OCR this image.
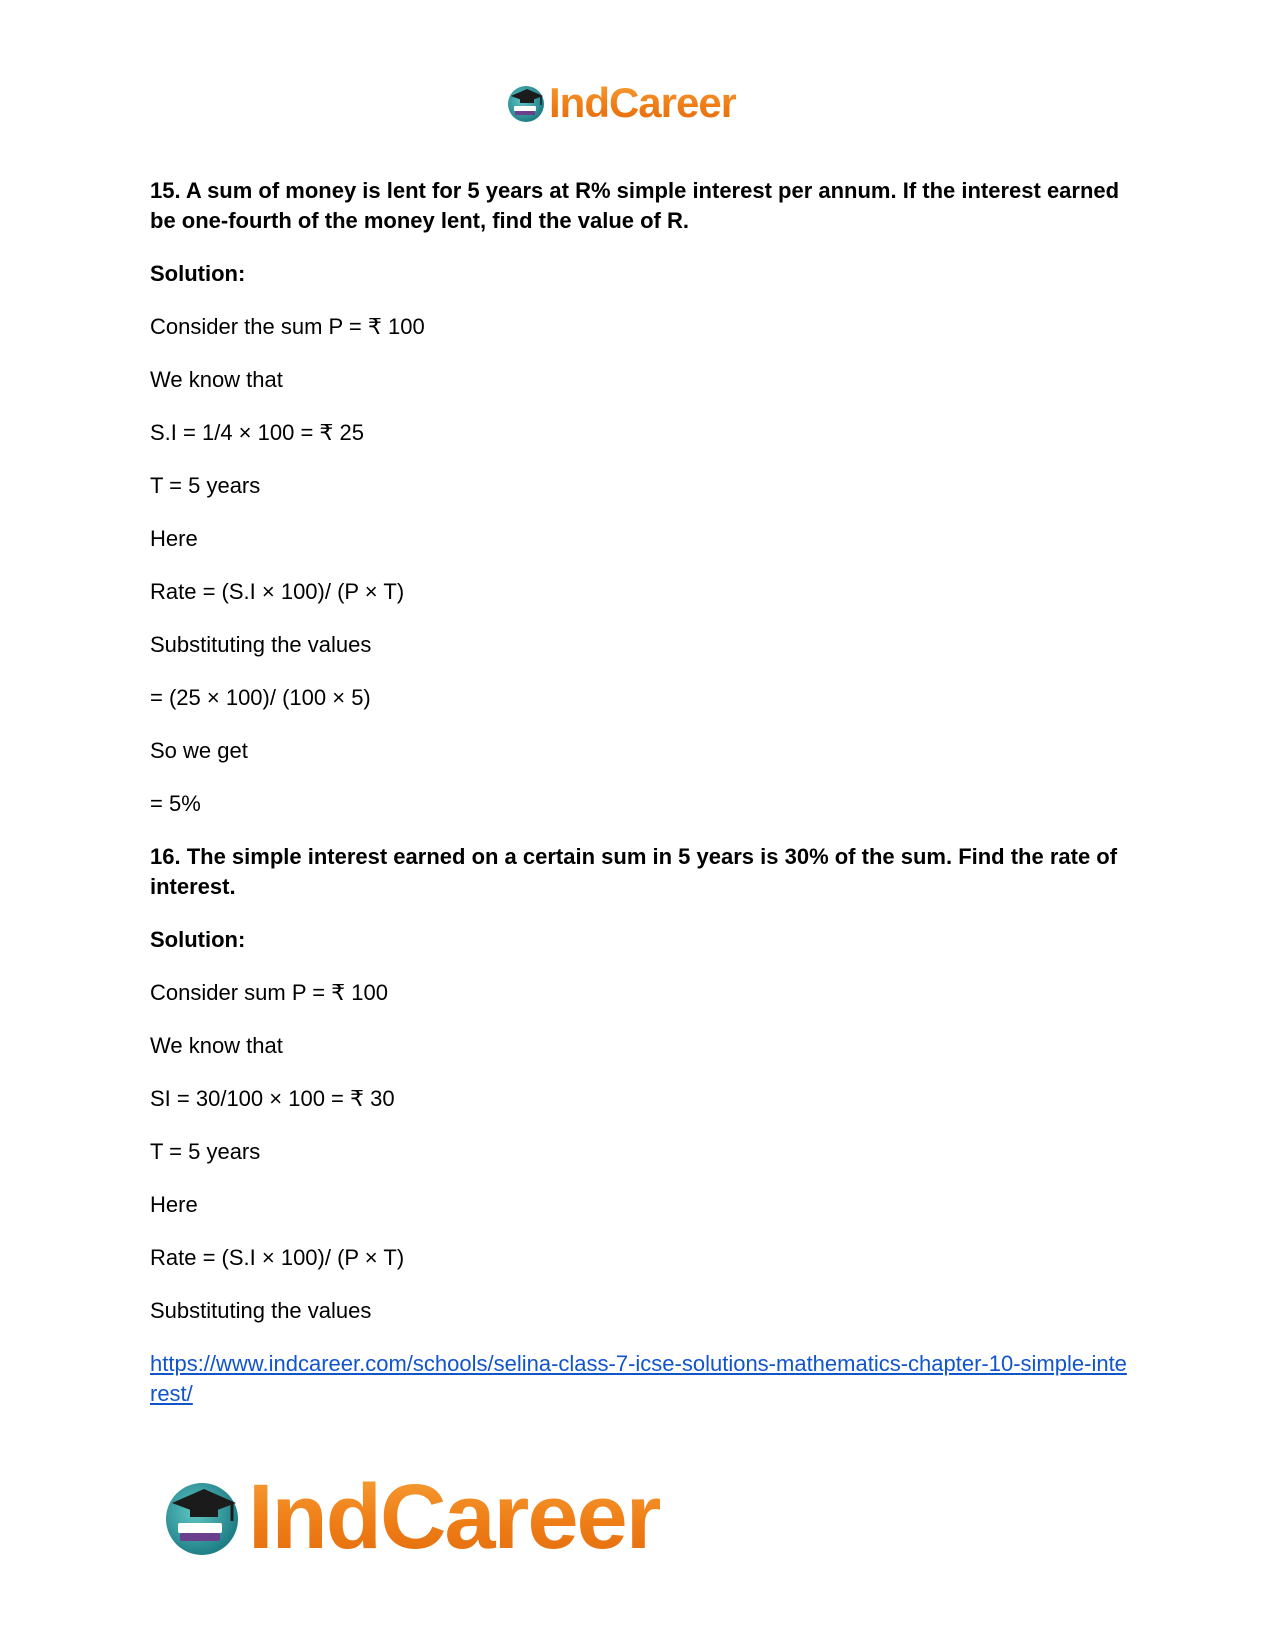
IndCareer

15. A sum of money is lent for 5 years at R% simple interest per annum. If the interest earned be one-fourth of the money lent, find the value of R.

Solution:

Consider the sum P = ₹ 100

We know that

S.I = 1/4 × 100 = ₹ 25

T = 5 years

Here

Rate = (S.I × 100)/ (P × T)

Substituting the values

= (25 × 100)/ (100 × 5)

So we get

= 5%

16. The simple interest earned on a certain sum in 5 years is 30% of the sum. Find the rate of interest.

Solution:

Consider sum P = ₹ 100

We know that

SI = 30/100 × 100 = ₹ 30

T = 5 years

Here

Rate = (S.I × 100)/ (P × T)

Substituting the values

https://www.indcareer.com/schools/selina-class-7-icse-solutions-mathematics-chapter-10-simple-interest/
IndCareer
